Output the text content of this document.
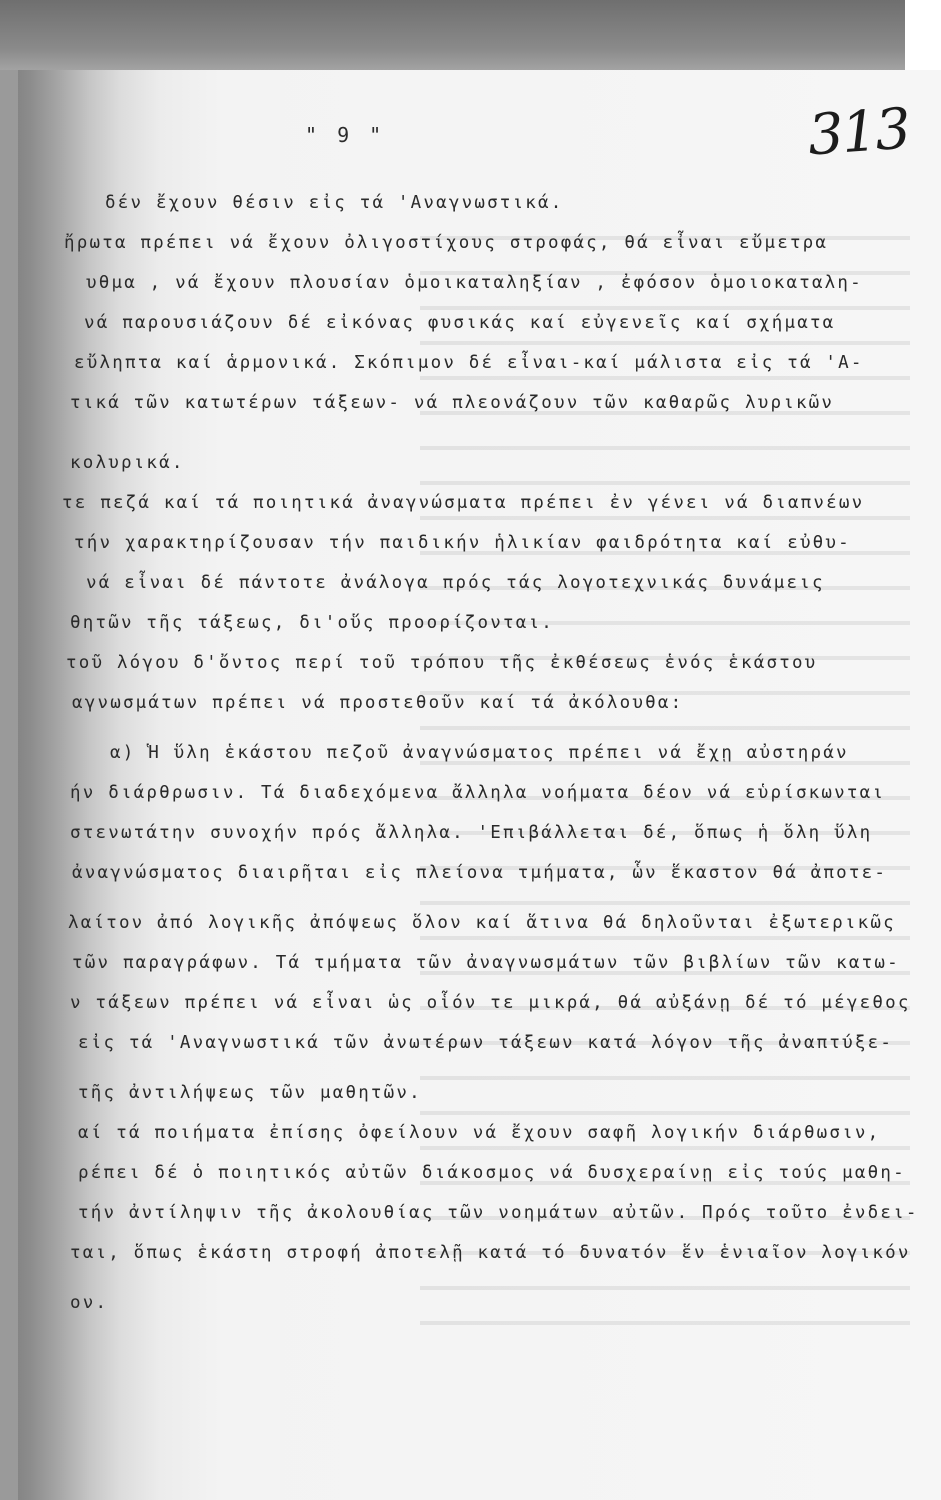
" 9 "	313
δέν ἔχουν θέσιν εἰς τά 'Αναγνωστικά.
ἤρωτα πρέπει νά ἔχουν ὀλιγοστίχους στροφάς, θά εἶναι εὔμετρα
υθμα , νά ἔχουν πλουσίαν ὁμοικαταληξίαν , ἐφόσον ὁμοιοκαταλη-
νά παρουσιάζουν δέ εἰκόνας φυσικάς καί εὐγενεῖς καί σχήματα
εὔληπτα καί ἁρμονικά. Σκόπιμον δέ εἶναι-καί μάλιστα εἰς τά 'Α-
τικά τῶν κατωτέρων τάξεων- νά πλεονάζουν τῶν καθαρῶς λυρικῶν
κολυρικά.
τε πεζά καί τά ποιητικά ἀναγνώσματα πρέπει ἐν γένει νά διαπνέων
τήν χαρακτηρίζουσαν τήν παιδικήν ἡλικίαν φαιδρότητα καί εὐθυ-
νά εἶναι δέ πάντοτε ἀνάλογα πρός τάς λογοτεχνικάς δυνάμεις
θητῶν τῆς τάξεως, δι'οὕς προορίζονται.
τοῦ λόγου δ'ὄντος περί τοῦ τρόπου τῆς ἐκθέσεως ἑνός ἑκάστου
αγνωσμάτων πρέπει νά προστεθοῦν καί τά ἀκόλουθα:
α) Ἡ ὕλη ἑκάστου πεζοῦ ἀναγνώσματος πρέπει νά ἔχῃ αὐστηράν
ήν διάρθρωσιν. Τά διαδεχόμενα ἄλληλα νοήματα δέον νά εὑρίσκωνται
στενωτάτην συνοχήν πρός ἄλληλα. 'Επιβάλλεται δέ, ὅπως ἡ ὅλη ὕλη
ἀναγνώσματος διαιρῆται εἰς πλείονα τμήματα, ὧν ἕκαστον θά ἀποτε-
λαίτον ἀπό λογικῆς ἀπόψεως ὅλον καί ἅτινα θά δηλοῦνται ἐξωτερικῶς
τῶν παραγράφων. Τά τμήματα τῶν ἀναγνωσμάτων τῶν βιβλίων τῶν κατω-
ν τάξεων πρέπει νά εἶναι ὡς οἷόν τε μικρά, θά αὐξάνῃ δέ τό μέγεθος
εἰς τά 'Αναγνωστικά τῶν ἀνωτέρων τάξεων κατά λόγον τῆς ἀναπτύξε-
τῆς ἀντιλήψεως τῶν μαθητῶν.
αί τά ποιήματα ἐπίσης ὀφείλουν νά ἔχουν σαφῆ λογικήν διάρθωσιν,
ρέπει δέ ὁ ποιητικός αὐτῶν διάκοσμος νά δυσχεραίνῃ εἰς τούς μαθη-
τήν ἀντίληψιν τῆς ἀκολουθίας τῶν νοημάτων αὐτῶν. Πρός τοῦτο ἐνδει-
ται, ὅπως ἑκάστη στροφή ἀποτελῇ κατά τό δυνατόν ἕν ἑνιαῖον λογικόν
ον.
